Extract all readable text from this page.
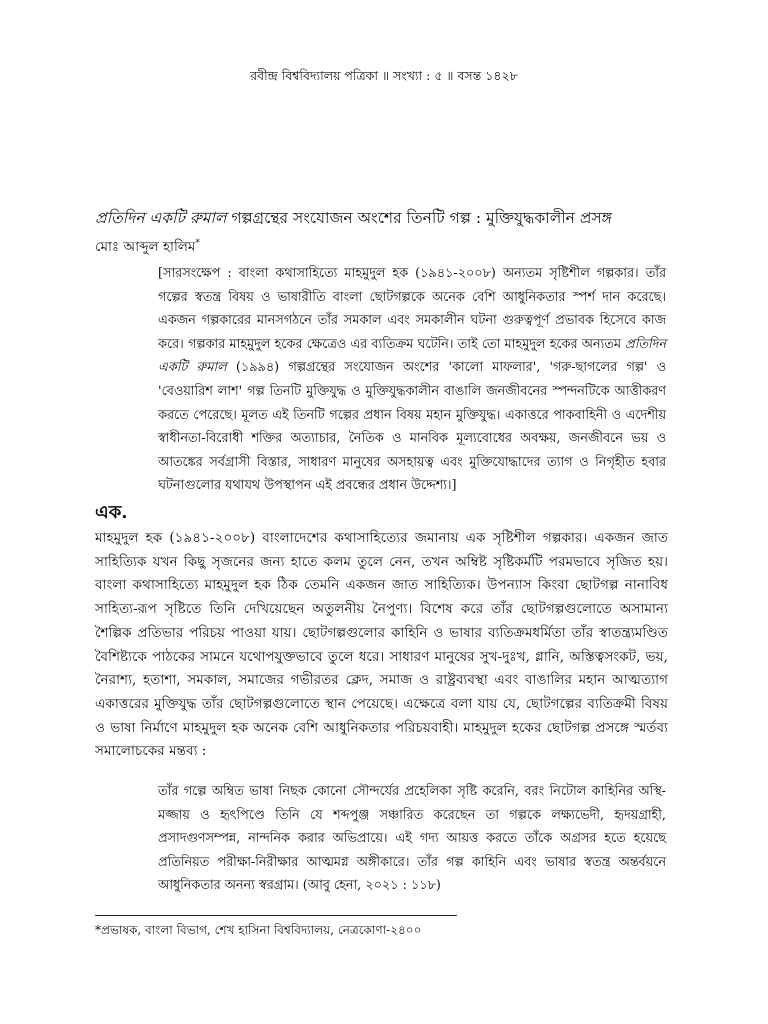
রবীন্দ্র বিশ্ববিদ্যালয় পত্রিকা ॥ সংখ্যা : ৫ ॥ বসন্ত ১৪২৮
প্রতিদিন একটি রুমাল গল্পগ্রন্থের সংযোজন অংশের তিনটি গল্প : মুক্তিযুদ্ধকালীন প্রসঙ্গ
মোঃ আব্দুল হালিম*
[সারসংক্ষেপ : বাংলা কথাসাহিত্যে মাহমুদুল হক (১৯৪১-২০০৮) অন্যতম সৃষ্টিশীল গল্পকার। তাঁর গল্পের স্বতন্ত্র বিষয় ও ভাষারীতি বাংলা ছোটগল্পকে অনেক বেশি আধুনিকতার স্পর্শ দান করেছে। একজন গল্পকারের মানসগঠনে তাঁর সমকাল এবং সমকালীন ঘটনা গুরুত্বপূর্ণ প্রভাবক হিসেবে কাজ করে। গল্পকার মাহমুদুল হকের ক্ষেত্রেও এর ব্যতিক্রম ঘটেনি। তাই তো মাহমুদুল হকের অন্যতম প্রতিদিন একটি রুমাল (১৯৯৪) গল্পগ্রন্থের সংযোজন অংশের 'কালো মাফলার', 'গরু-ছাগলের গল্প' ও 'বেওয়ারিশ লাশ' গল্প তিনটি মুক্তিযুদ্ধ ও মুক্তিযুদ্ধকালীন বাঙালি জনজীবনের স্পন্দনটিকে আত্তীকরণ করতে পেরেছে। মূলত এই তিনটি গল্পের প্রধান বিষয় মহান মুক্তিযুদ্ধ। একাত্তরে পাকবাহিনী ও এদেশীয় স্বাধীনতা-বিরোধী শক্তির অত্যাচার, নৈতিক ও মানবিক মূল্যবোধের অবক্ষয়, জনজীবনে ভয় ও আতঙ্কের সর্বগ্রাসী বিস্তার, সাধারণ মানুষের অসহায়ত্ব এবং মুক্তিযোদ্ধাদের ত্যাগ ও নিগৃহীত হবার ঘটনাগুলোর যথাযথ উপস্থাপন এই প্রবন্ধের প্রধান উদ্দেশ্য।]
এক.
মাহমুদুল হক (১৯৪১-২০০৮) বাংলাদেশের কথাসাহিত্যের জমানায় এক সৃষ্টিশীল গল্পকার। একজন জাত সাহিত্যিক যখন কিছু সৃজনের জন্য হাতে কলম তুলে নেন, তখন অম্বিষ্ট সৃষ্টিকর্মটি পরমভাবে সৃজিত হয়। বাংলা কথাসাহিত্যে মাহমুদুল হক ঠিক তেমনি একজন জাত সাহিত্যিক। উপন্যাস কিংবা ছোটগল্প নানাবিধ সাহিত্য-রূপ সৃষ্টিতে তিনি দেখিয়েছেন অতুলনীয় নৈপুণ্য। বিশেষ করে তাঁর ছোটগল্পগুলোতে অসামান্য শৈল্পিক প্রতিভার পরিচয় পাওয়া যায়। ছোটগল্পগুলোর কাহিনি ও ভাষার ব্যতিক্রমধর্মিতা তাঁর স্বাতন্ত্র্যমণ্ডিত বৈশিষ্ট্যকে পাঠকের সামনে যথোপযুক্তভাবে তুলে ধরে। সাধারণ মানুষের সুখ-দুঃখ, গ্লানি, অস্তিত্বসংকট, ভয়, নৈরাশ্য, হতাশা, সমকাল, সমাজের গভীরতর ক্লেদ, সমাজ ও রাষ্ট্রব্যবস্থা এবং বাঙালির মহান আত্মত্যাগ একাত্তরের মুক্তিযুদ্ধ তাঁর ছোটগল্পগুলোতে স্থান পেয়েছে। এক্ষেত্রে বলা যায় যে, ছোটগল্পের ব্যতিক্রমী বিষয় ও ভাষা নির্মাণে মাহমুদুল হক অনেক বেশি আধুনিকতার পরিচয়বাহী। মাহমুদুল হকের ছোটগল্প প্রসঙ্গে স্মর্তব্য সমালোচকের মন্তব্য :
তাঁর গল্পে অম্বিত ভাষা নিছক কোনো সৌন্দর্যের প্রহেলিকা সৃষ্টি করেনি, বরং নিটোল কাহিনির অস্থি-মজ্জায় ও হৃৎপিণ্ডে তিনি যে শব্দপুঞ্জ সঞ্চারিত করেছেন তা গল্পকে লক্ষ্যভেদী, হৃদয়গ্রাহী, প্রসাদগুণসম্পন্ন, নান্দনিক করার অভিপ্রায়ে। এই গদ্য আয়ত্ত করতে তাঁকে অগ্রসর হতে হয়েছে প্রতিনিয়ত পরীক্ষা-নিরীক্ষার আত্মমগ্ন অঙ্গীকারে। তাঁর গল্প কাহিনি এবং ভাষার স্বতন্ত্র অন্তর্বয়নে আধুনিকতার অনন্য স্বরগ্রাম। (আবু হেনা, ২০২১ : ১১৮)
*প্রভাষক, বাংলা বিভাগ, শেখ হাসিনা বিশ্ববিদ্যালয়, নেত্রকোণা-২৪০০
